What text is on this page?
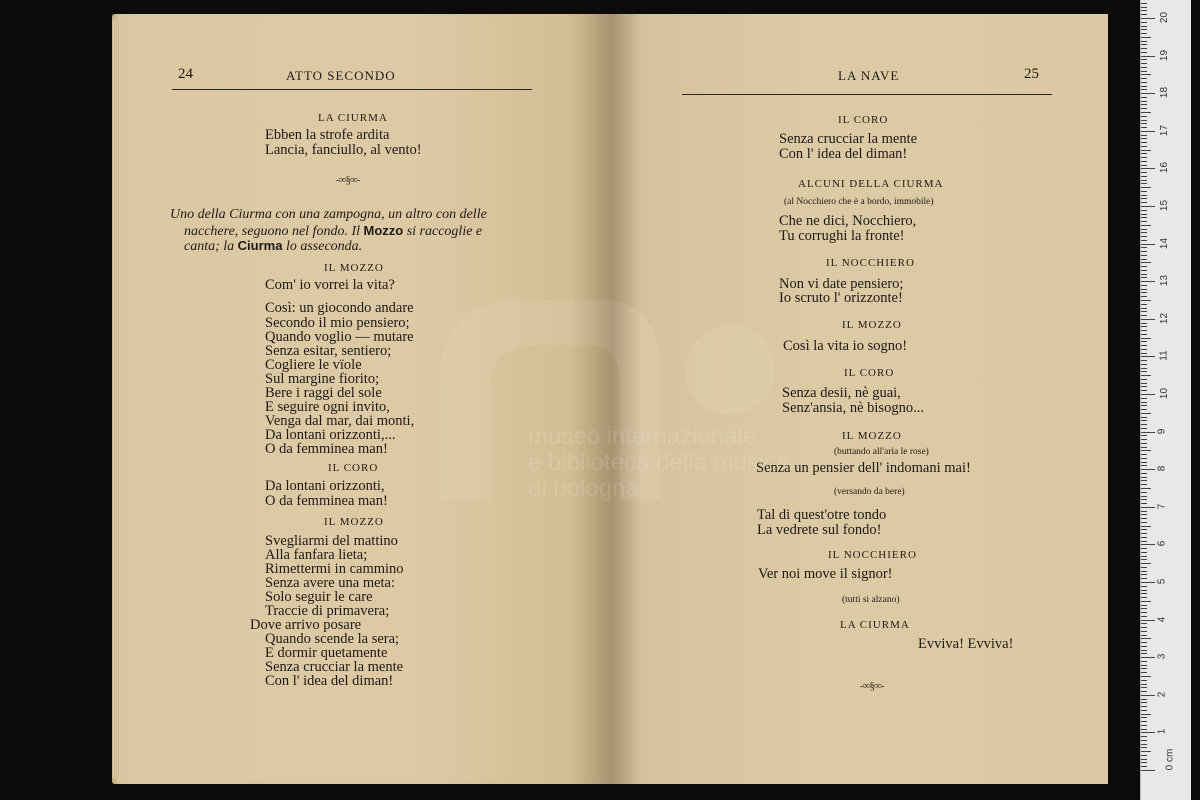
24	ATTO SECONDO
LA CIURMA
Ebben la strofe ardita
Lancia, fanciullo, al vento!
-∞§∞-
Uno della Ciurma con una zampogna, un altro con delle
nacchere, seguono nel fondo. Il Mozzo si raccoglie e
canta; la Ciurma lo asseconda.
IL MOZZO
Com' io vorrei la vita?
Così: un giocondo andare
Secondo il mio pensiero;
Quando voglio — mutare
Senza esitar, sentiero;
Cogliere le vïole
Sul margine fiorito;
Bere i raggi del sole
E seguire ogni invito,
Venga dal mar, dai monti,
Da lontani orizzonti,...
O da femminea man!
IL CORO
Da lontani orizzonti,
O da femminea man!
IL MOZZO
Svegliarmi del mattino
Alla fanfara lieta;
Rimettermi in cammino
Senza avere una meta:
Solo seguir le care
Traccie di primavera;
Dove arrivo posare
Quando scende la sera;
E dormir quetamente
Senza crucciar la mente
Con l' idea del diman!
LA NAVE	25
IL CORO
Senza crucciar la mente
Con l' idea del diman!
ALCUNI DELLA CIURMA
(al Nocchiero che è a bordo, immobile)
Che ne dici, Nocchiero,
Tu corrughi la fronte!
IL NOCCHIERO
Non vi date pensiero;
Io scruto l' orizzonte!
IL MOZZO
Così la vita io sogno!
IL CORO
Senza desii, nè guai,
Senz'ansia, nè bisogno...
IL MOZZO
(buttando all'aria le rose)
Senza un pensier dell' indomani mai!
(versando da bere)
Tal di quest'otre tondo
La vedrete sul fondo!
IL NOCCHIERO
Ver noi move il signor!
(tutti si alzano)
LA CIURMA
Evviva! Evviva!
-∞§∞-
museo internazionale
e biblioteca della musica
di bologna
0 cm
1
2
3
4
5
6
7
8
9
10
11
12
13
14
15
16
17
18
19
20
